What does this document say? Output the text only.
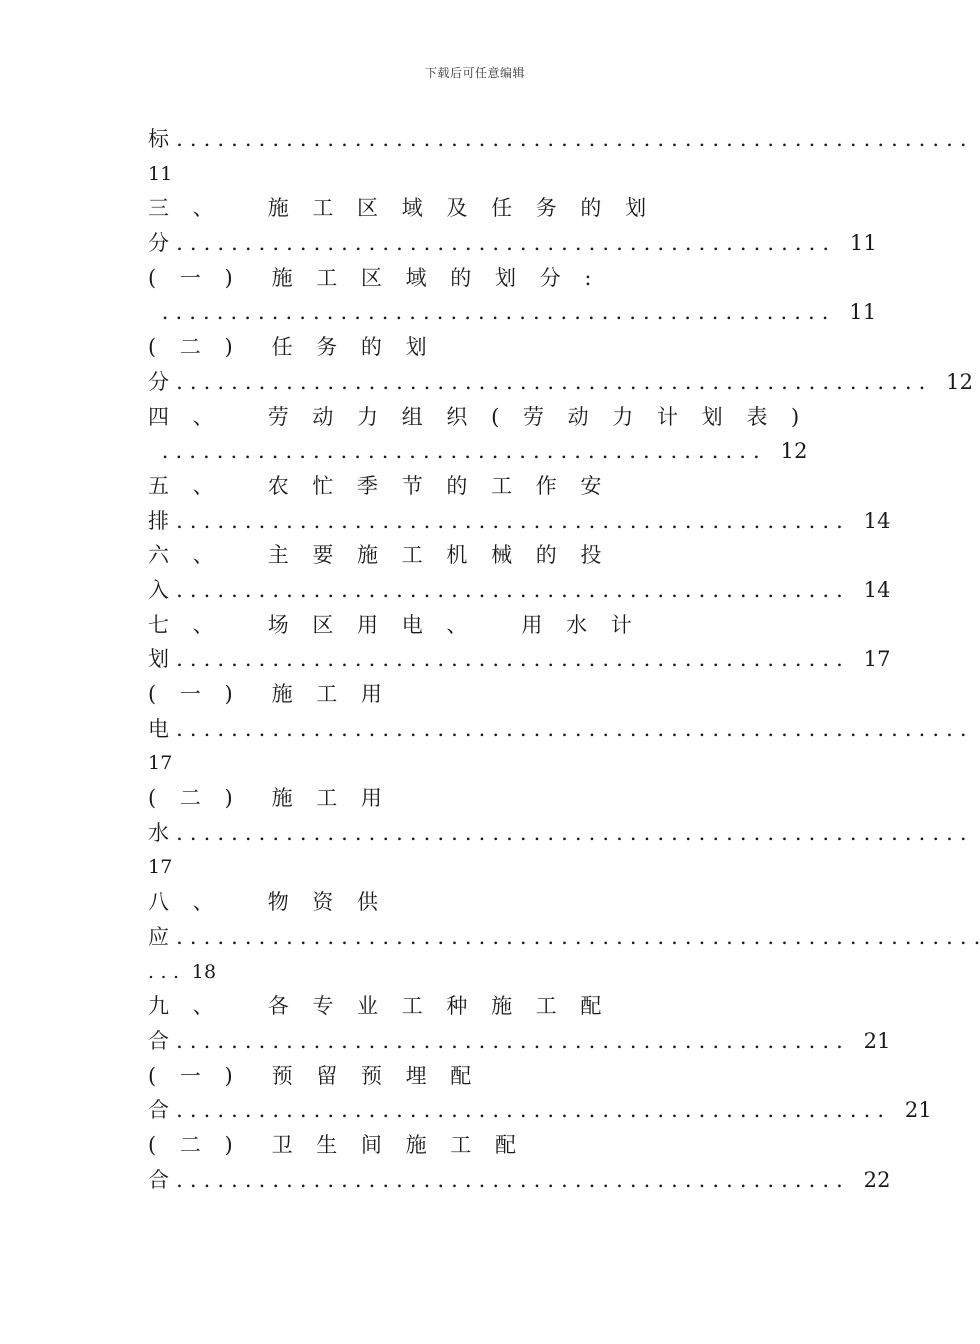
下载后可任意编辑
标 . . . . . . . . . . . . . . . . . . . . . . . . . . . . . . . . . . . . . . . . . . . . . . . . . . . . . . . . . .
11
三 、   施 工 区 域 及 任 务 的 划
分 . . . . . . . . . . . . . . . . . . . . . . . . . . . . . . . . . . . . . . . . . . . . . . . .   11
( 一 )  施 工 区 域 的 划 分 :
. . . . . . . . . . . . . . . . . . . . . . . . . . . . . . . . . . . . . . . . . . . . . . . . .   11
( 二 )  任 务 的 划
分 . . . . . . . . . . . . . . . . . . . . . . . . . . . . . . . . . . . . . . . . . . . . . . . . . . . . . . .   12
四 、   劳 动 力 组 织 ( 劳 动 力 计 划 表 )
. . . . . . . . . . . . . . . . . . . . . . . . . . . . . . . . . . . . . . . . . . . .   12
五 、   农 忙 季 节 的 工 作 安
排 . . . . . . . . . . . . . . . . . . . . . . . . . . . . . . . . . . . . . . . . . . . . . . . . .   14
六 、   主 要 施 工 机 械 的 投
入 . . . . . . . . . . . . . . . . . . . . . . . . . . . . . . . . . . . . . . . . . . . . . . . . .   14
七 、   场 区 用 电 、   用 水 计
划 . . . . . . . . . . . . . . . . . . . . . . . . . . . . . . . . . . . . . . . . . . . . . . . . .   17
( 一 )  施 工 用
电 . . . . . . . . . . . . . . . . . . . . . . . . . . . . . . . . . . . . . . . . . . . . . . . . . . . . . . . . . .
17
( 二 )  施 工 用
水 . . . . . . . . . . . . . . . . . . . . . . . . . . . . . . . . . . . . . . . . . . . . . . . . . . . . . . . . . .
17
八 、   物 资 供
应 . . . . . . . . . . . . . . . . . . . . . . . . . . . . . . . . . . . . . . . . . . . . . . . . . . . . . . . . . . .
. . .  18
九 、   各 专 业 工 种 施 工 配
合 . . . . . . . . . . . . . . . . . . . . . . . . . . . . . . . . . . . . . . . . . . . . . . . . .   21
( 一 )  预 留 预 埋 配
合 . . . . . . . . . . . . . . . . . . . . . . . . . . . . . . . . . . . . . . . . . . . . . . . . . . . .   21
( 二 )  卫 生 间 施 工 配
合 . . . . . . . . . . . . . . . . . . . . . . . . . . . . . . . . . . . . . . . . . . . . . . . . .   22
